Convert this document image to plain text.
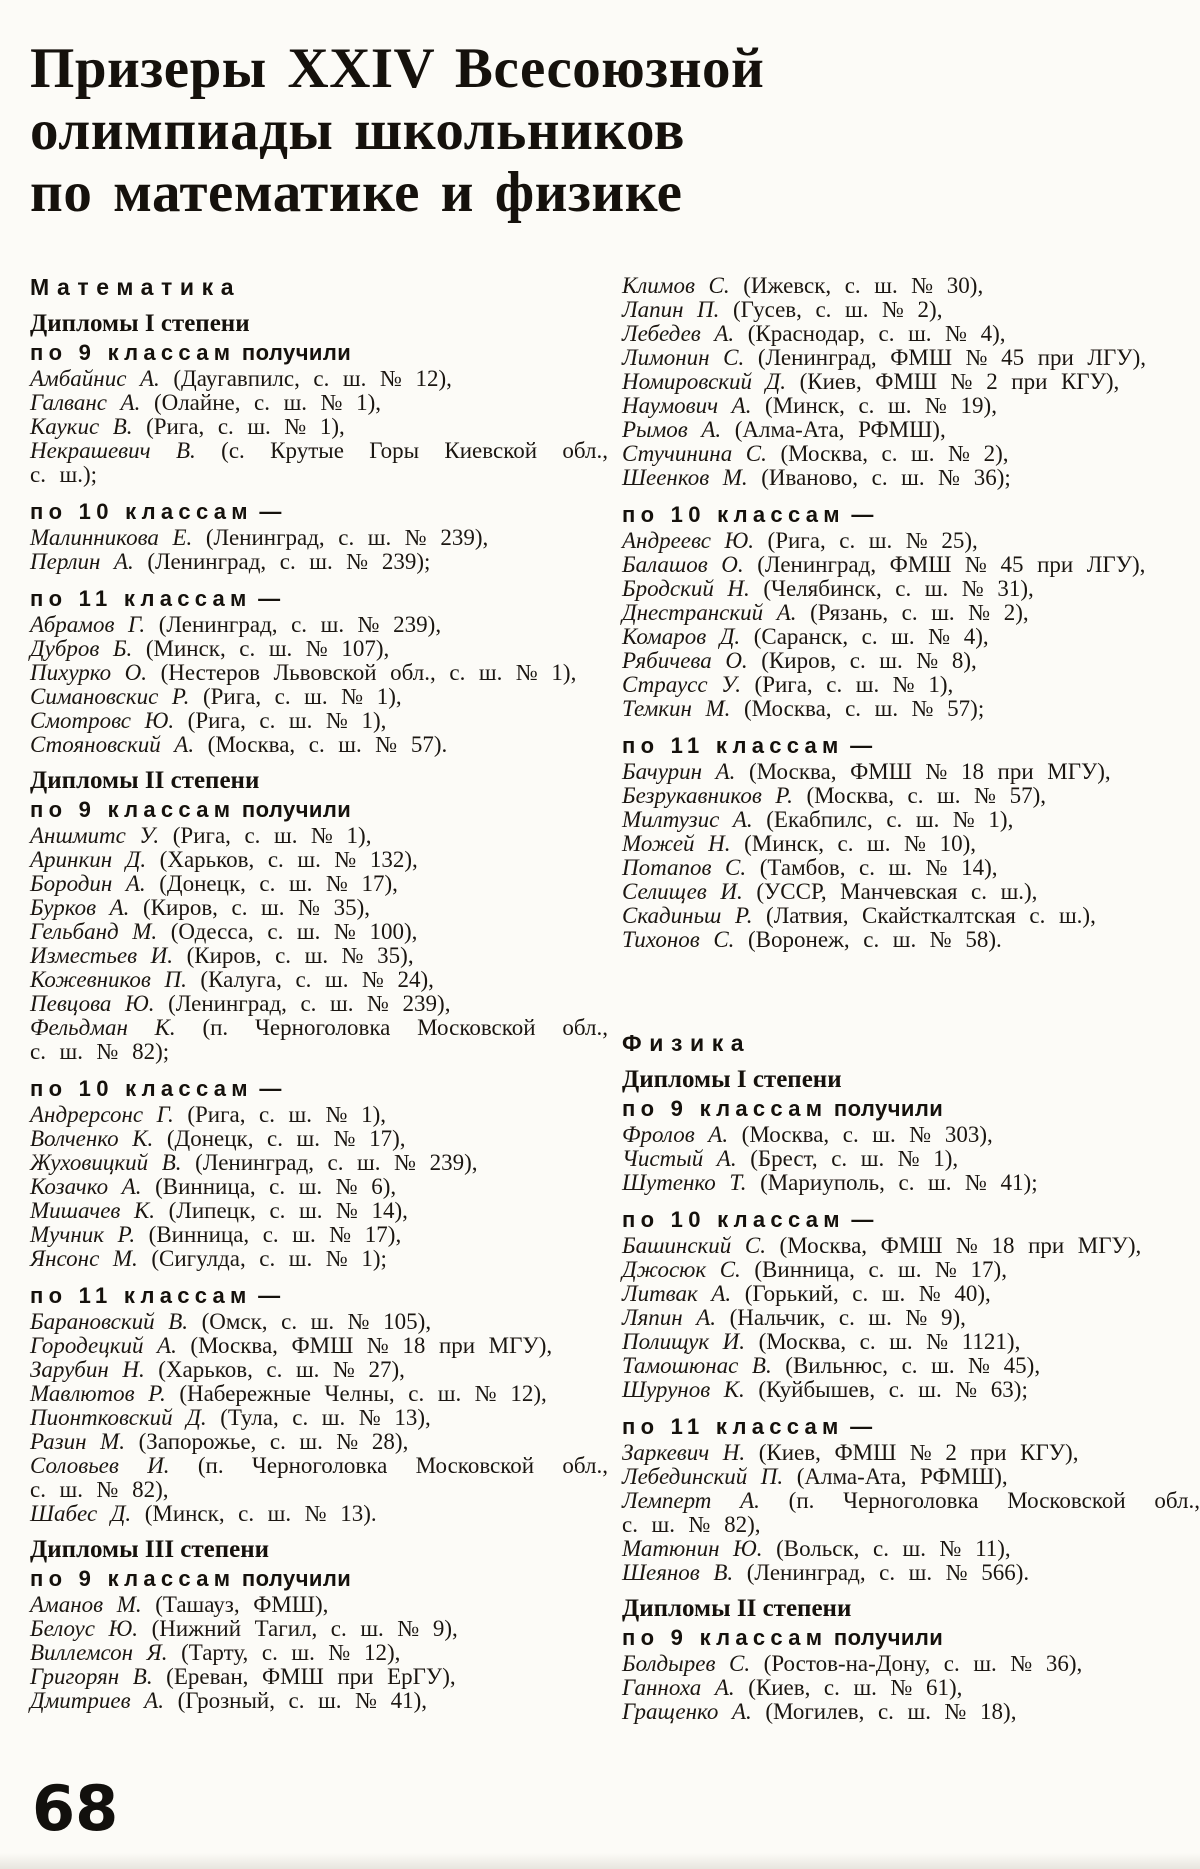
Призеры XXIV Всесоюзной
олимпиады школьников
по математике и физике
Математика
Дипломы I степени
по 9 классам получили
Амбайнис А. (Даугавпилс, с. ш. № 12),
Галванс А. (Олайне, с. ш. № 1),
Каукис В. (Рига, с. ш. № 1),
Некрашевич В. (с. Крутые Горы Киевской обл., с. ш.);
по 10 классам —
Малинникова Е. (Ленинград, с. ш. № 239),
Перлин А. (Ленинград, с. ш. № 239);
по 11 классам —
Абрамов Г. (Ленинград, с. ш. № 239),
Дубров Б. (Минск, с. ш. № 107),
Пихурко О. (Нестеров Львовской обл., с. ш. № 1),
Симановскис Р. (Рига, с. ш. № 1),
Смотровс Ю. (Рига, с. ш. № 1),
Стояновский А. (Москва, с. ш. № 57).
Дипломы II степени
по 9 классам получили
Аншмитс У. (Рига, с. ш. № 1),
Аринкин Д. (Харьков, с. ш. № 132),
Бородин А. (Донецк, с. ш. № 17),
Бурков А. (Киров, с. ш. № 35),
Гельбанд М. (Одесса, с. ш. № 100),
Изместьев И. (Киров, с. ш. № 35),
Кожевников П. (Калуга, с. ш. № 24),
Певцова Ю. (Ленинград, с. ш. № 239),
Фельдман К. (п. Черноголовка Московской обл., с. ш. № 82);
по 10 классам —
Андрерсонс Г. (Рига, с. ш. № 1),
Волченко К. (Донецк, с. ш. № 17),
Жуховицкий В. (Ленинград, с. ш. № 239),
Козачко А. (Винница, с. ш. № 6),
Мишачев К. (Липецк, с. ш. № 14),
Мучник Р. (Винница, с. ш. № 17),
Янсонс М. (Сигулда, с. ш. № 1);
по 11 классам —
Барановский В. (Омск, с. ш. № 105),
Городецкий А. (Москва, ФМШ № 18 при МГУ),
Зарубин Н. (Харьков, с. ш. № 27),
Мавлютов Р. (Набережные Челны, с. ш. № 12),
Пионтковский Д. (Тула, с. ш. № 13),
Разин М. (Запорожье, с. ш. № 28),
Соловьев И. (п. Черноголовка Московской обл., с. ш. № 82),
Шабес Д. (Минск, с. ш. № 13).
Дипломы III степени
по 9 классам получили
Аманов М. (Ташауз, ФМШ),
Белоус Ю. (Нижний Тагил, с. ш. № 9),
Виллемсон Я. (Тарту, с. ш. № 12),
Григорян В. (Ереван, ФМШ при ЕрГУ),
Дмитриев А. (Грозный, с. ш. № 41),
Климов С. (Ижевск, с. ш. № 30),
Лапин П. (Гусев, с. ш. № 2),
Лебедев А. (Краснодар, с. ш. № 4),
Лимонин С. (Ленинград, ФМШ № 45 при ЛГУ),
Номировский Д. (Киев, ФМШ № 2 при КГУ),
Наумович А. (Минск, с. ш. № 19),
Рымов А. (Алма-Ата, РФМШ),
Стучинина С. (Москва, с. ш. № 2),
Шеенков М. (Иваново, с. ш. № 36);
по 10 классам —
Андреевс Ю. (Рига, с. ш. № 25),
Балашов О. (Ленинград, ФМШ № 45 при ЛГУ),
Бродский Н. (Челябинск, с. ш. № 31),
Днестранский А. (Рязань, с. ш. № 2),
Комаров Д. (Саранск, с. ш. № 4),
Рябичева О. (Киров, с. ш. № 8),
Страусс У. (Рига, с. ш. № 1),
Темкин М. (Москва, с. ш. № 57);
по 11 классам —
Бачурин А. (Москва, ФМШ № 18 при МГУ),
Безрукавников Р. (Москва, с. ш. № 57),
Милтузис А. (Екабпилс, с. ш. № 1),
Можей Н. (Минск, с. ш. № 10),
Потапов С. (Тамбов, с. ш. № 14),
Селищев И. (УССР, Манчевская с. ш.),
Скадиньш Р. (Латвия, Скайсткалтская с. ш.),
Тихонов С. (Воронеж, с. ш. № 58).
Физика
Дипломы I степени
по 9 классам получили
Фролов А. (Москва, с. ш. № 303),
Чистый А. (Брест, с. ш. № 1),
Шутенко Т. (Мариуполь, с. ш. № 41);
по 10 классам —
Башинский С. (Москва, ФМШ № 18 при МГУ),
Джосюк С. (Винница, с. ш. № 17),
Литвак А. (Горький, с. ш. № 40),
Ляпин А. (Нальчик, с. ш. № 9),
Полищук И. (Москва, с. ш. № 1121),
Тамошюнас В. (Вильнюс, с. ш. № 45),
Шурунов К. (Куйбышев, с. ш. № 63);
по 11 классам —
Заркевич Н. (Киев, ФМШ № 2 при КГУ),
Лебединский П. (Алма-Ата, РФМШ),
Лемперт А. (п. Черноголовка Московской обл., с. ш. № 82),
Матюнин Ю. (Вольск, с. ш. № 11),
Шеянов В. (Ленинград, с. ш. № 566).
Дипломы II степени
по 9 классам получили
Болдырев С. (Ростов-на-Дону, с. ш. № 36),
Ганноха А. (Киев, с. ш. № 61),
Гращенко А. (Могилев, с. ш. № 18),
68
